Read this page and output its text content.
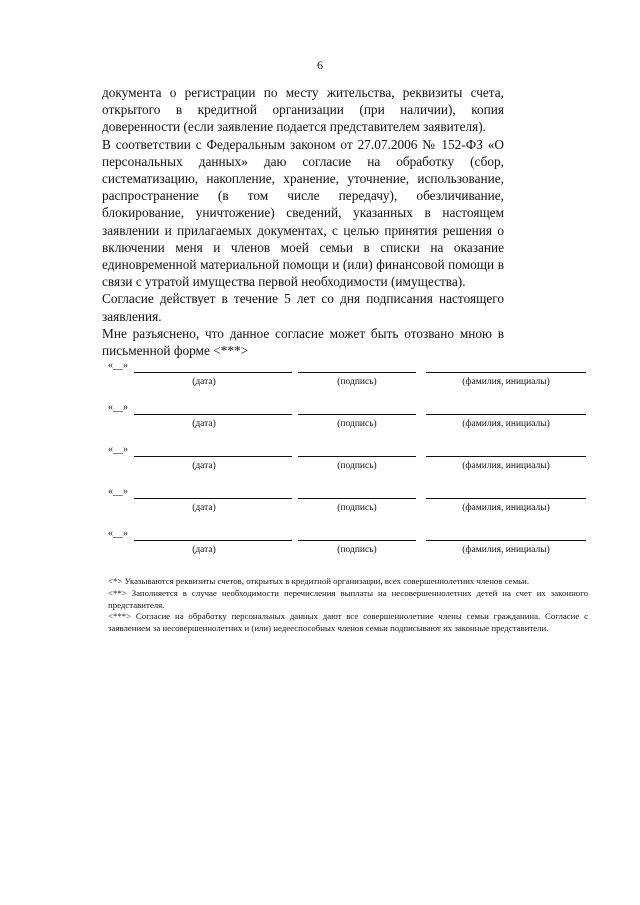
6

документа о регистрации по месту жительства, реквизиты счета, открытого в кредитной организации (при наличии), копия доверенности (если заявление подается представителем заявителя).

В соответствии с Федеральным законом от 27.07.2006 № 152-ФЗ «О персональных данных» даю согласие на обработку (сбор, систематизацию, накопление, хранение, уточнение, использование, распространение (в том числе передачу), обезличивание, блокирование, уничтожение) сведений, указанных в настоящем заявлении и прилагаемых документах, с целью принятия решения о включении меня и членов моей семьи в списки на оказание единовременной материальной помощи и (или) финансовой помощи в связи с утратой имущества первой необходимости (имущества).

Согласие действует в течение 5 лет со дня подписания настоящего заявления.

Мне разъяснено, что данное согласие может быть отозвано мною в письменной форме <***>

«__»
(дата)	(подпись)	(фамилия, инициалы)
«__»
(дата)	(подпись)	(фамилия, инициалы)
«__»
(дата)	(подпись)	(фамилия, инициалы)
«__»
(дата)	(подпись)	(фамилия, инициалы)
«__»
(дата)	(подпись)	(фамилия, инициалы)

<*> Указываются реквизиты счетов, открытых в кредитной организации, всех совершеннолетних членов семьи.

<**> Заполняется в случае необходимости перечисления выплаты на несовершеннолетних детей на счет их законного представителя.

<***> Согласие на обработку персональных данных дают все совершеннолетние члены семьи гражданина. Согласие с заявлением за несовершеннолетних и (или) недееспособных членов семьи подписывают их законные представители.
